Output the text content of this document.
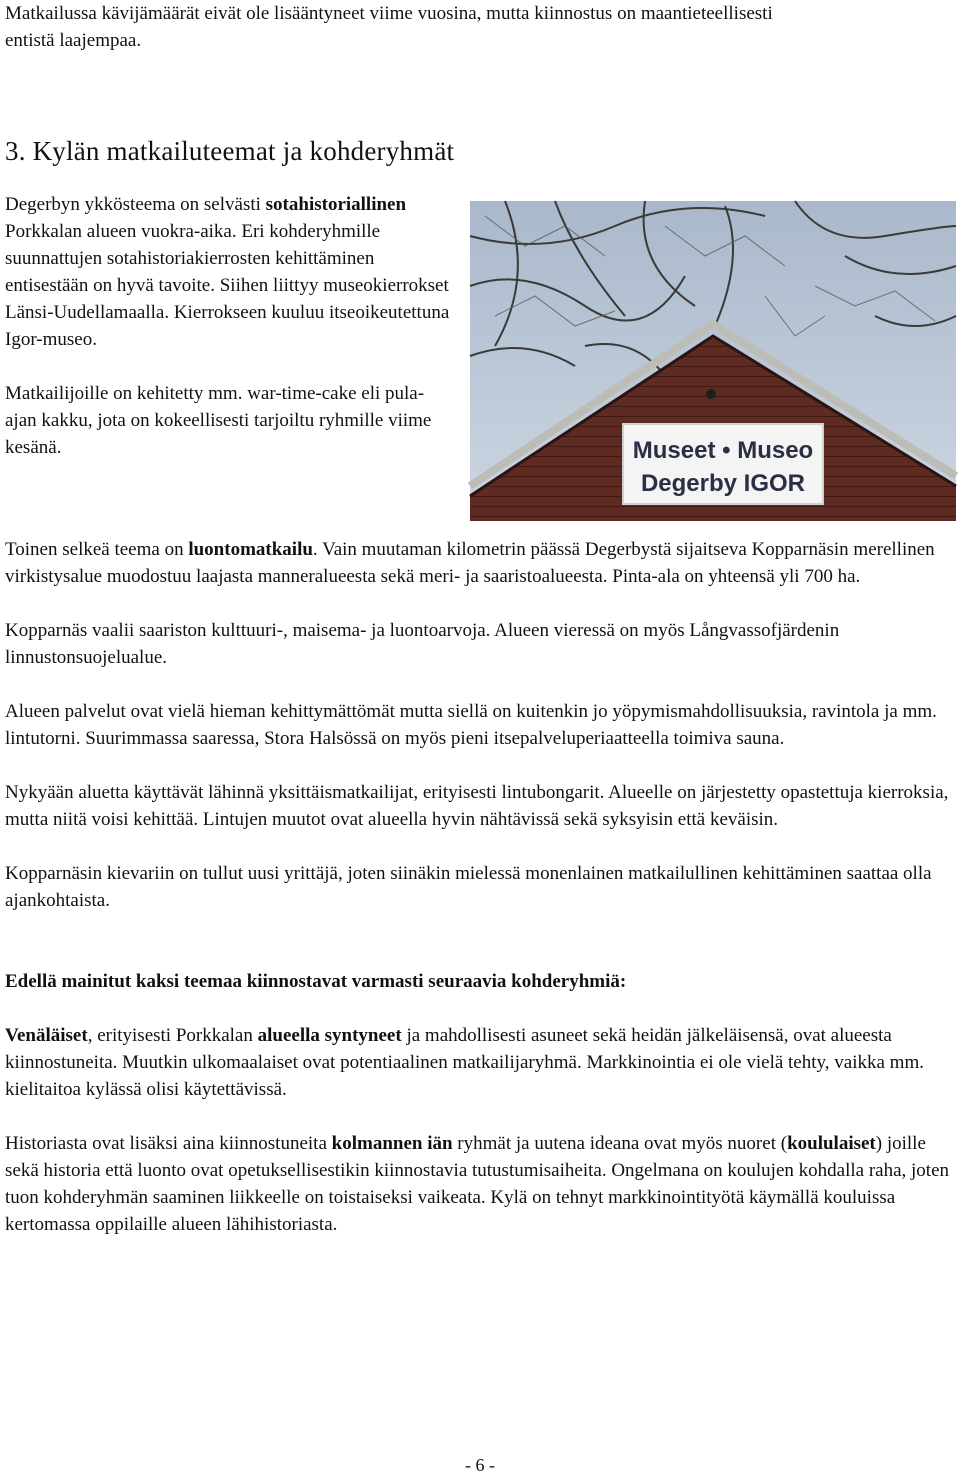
Matkailussa kävijämäärät eivät ole lisääntyneet viime vuosina, mutta kiinnostus on maantieteellisesti entistä laajempaa.

3. Kylän matkailuteemat ja kohderyhmät

Degerbyn ykkösteema on selvästi sotahistoriallinen Porkkalan alueen vuokra-aika. Eri kohderyhmille suunnattujen sotahistoriakierrosten kehittäminen entisestään on hyvä tavoite. Siihen liittyy museokierrokset Länsi-Uudellamaalla. Kierrokseen kuuluu itseoikeutettuna Igor-museo.

Matkailijoille on kehitetty mm. war-time-cake eli pula-ajan kakku, jota on kokeellisesti tarjoiltu ryhmille viime kesänä.	Museet • Museo
Degerby IGOR

Toinen selkeä teema on luontomatkailu. Vain muutaman kilometrin päässä Degerbystä sijaitseva Kopparnäsin merellinen virkistysalue muodostuu laajasta manneralueesta sekä meri- ja saaristoalueesta. Pinta-ala on yhteensä yli 700 ha.

Kopparnäs vaalii saariston kulttuuri-, maisema- ja luontoarvoja. Alueen vieressä on myös Långvassofjärdenin linnustonsuojelualue.

Alueen palvelut ovat vielä hieman kehittymättömät mutta siellä on kuitenkin jo yöpymismahdollisuuksia, ravintola ja mm. lintutorni. Suurimmassa saaressa, Stora Halsössä on myös pieni itsepalveluperiaatteella toimiva sauna.

Nykyään aluetta käyttävät lähinnä yksittäismatkailijat, erityisesti lintubongarit. Alueelle on järjestetty opastettuja kierroksia, mutta niitä voisi kehittää. Lintujen muutot ovat alueella hyvin nähtävissä sekä syksyisin että keväisin.

Kopparnäsin kievariin on tullut uusi yrittäjä, joten siinäkin mielessä monenlainen matkailullinen kehittäminen saattaa olla ajankohtaista.

Edellä mainitut kaksi teemaa kiinnostavat varmasti seuraavia kohderyhmiä:

Venäläiset, erityisesti Porkkalan alueella syntyneet ja mahdollisesti asuneet sekä heidän jälkeläisensä, ovat alueesta kiinnostuneita. Muutkin ulkomaalaiset ovat potentiaalinen matkailijaryhmä. Markkinointia ei ole vielä tehty, vaikka mm. kielitaitoa kylässä olisi käytettävissä.

Historiasta ovat lisäksi aina kiinnostuneita kolmannen iän ryhmät ja uutena ideana ovat myös nuoret (koululaiset) joille sekä historia että luonto ovat opetuksellisestikin kiinnostavia tutustumisaiheita. Ongelmana on koulujen kohdalla raha, joten tuon kohderyhmän saaminen liikkeelle on toistaiseksi vaikeata. Kylä on tehnyt markkinointityötä käymällä kouluissa kertomassa oppilaille alueen lähihistoriasta.

- 6 -
